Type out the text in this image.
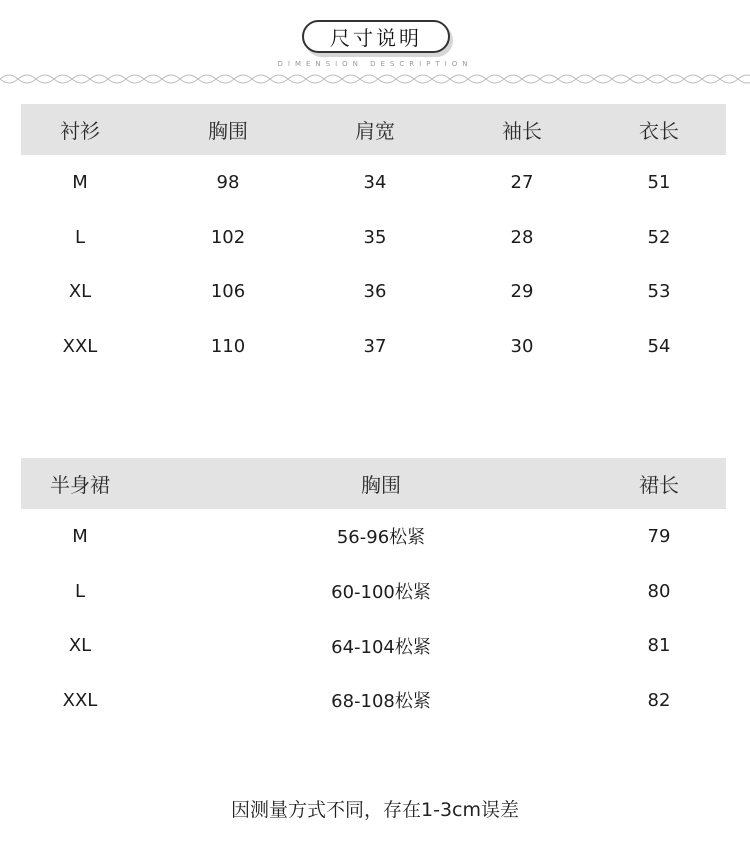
尺寸说明
DIMENSION DESCRIPTION
衬衫	胸围	肩宽	袖长	衣长
M	98	34	27	51
L	102	35	28	52
XL	106	36	29	53
XXL	110	37	30	54
半身裙	胸围	裙长
M	56-96松紧	79
L	60-100松紧	80
XL	64-104松紧	81
XXL	68-108松紧	82
因测量方式不同，存在1-3cm误差
